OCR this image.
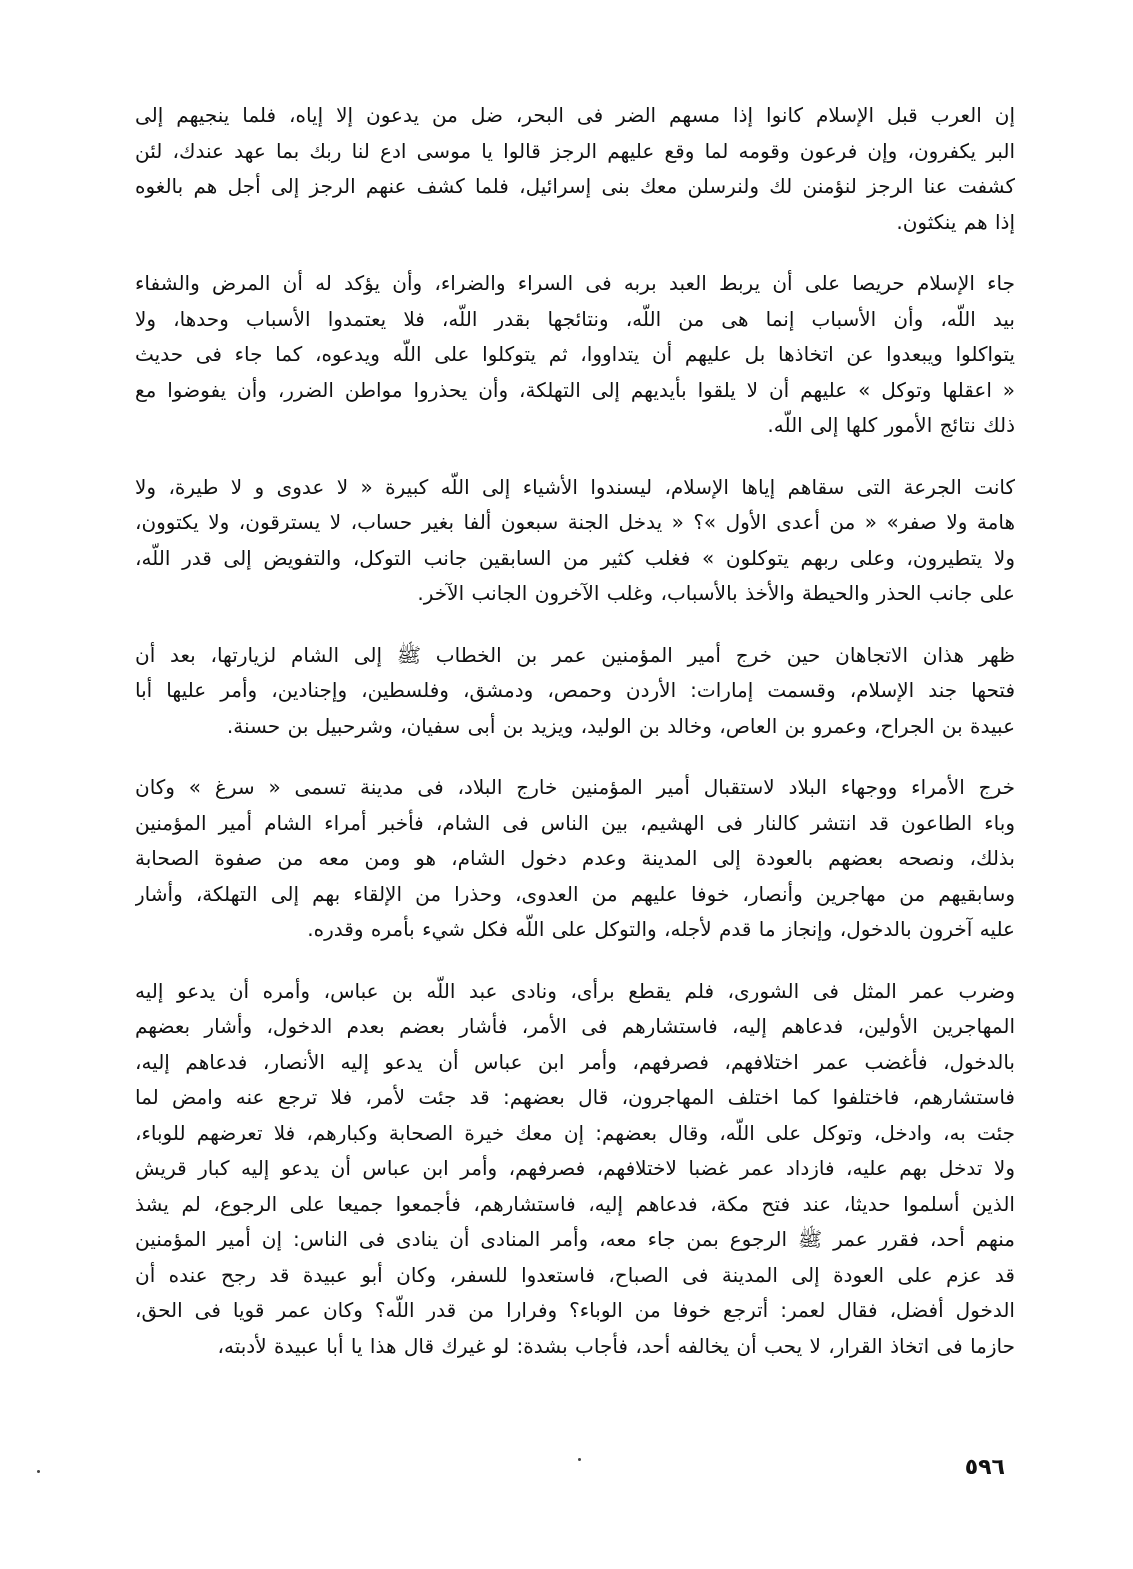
إن العرب قبل الإسلام كانوا إذا مسهم الضر فى البحر، ضل من يدعون إلا إياه، فلما ينجيهم إلى
البر يكفرون، وإن فرعون وقومه لما وقع عليهم الرجز قالوا يا موسى ادع لنا ربك بما عهد عندك، لئن
كشفت عنا الرجز لنؤمنن لك ولنرسلن معك بنى إسرائيل، فلما كشف عنهم الرجز إلى أجل هم بالغوه
إذا هم ينكثون.

جاء الإسلام حريصا على أن يربط العبد بربه فى السراء والضراء، وأن يؤكد له أن المرض والشفاء
بيد اللّه، وأن الأسباب إنما هى من اللّه، ونتائجها بقدر اللّه، فلا يعتمدوا الأسباب وحدها، ولا
يتواكلوا ويبعدوا عن اتخاذها بل عليهم أن يتداووا، ثم يتوكلوا على اللّه ويدعوه، كما جاء فى حديث
« اعقلها وتوكل » عليهم أن لا يلقوا بأيديهم إلى التهلكة، وأن يحذروا مواطن الضرر، وأن يفوضوا مع
ذلك نتائج الأمور كلها إلى اللّه.

كانت الجرعة التى سقاهم إياها الإسلام، ليسندوا الأشياء إلى اللّه كبيرة « لا عدوى و لا طيرة، ولا
هامة ولا صفر» « من أعدى الأول »؟ « يدخل الجنة سبعون ألفا بغير حساب، لا يسترقون، ولا يكتوون،
ولا يتطيرون، وعلى ربهم يتوكلون » فغلب كثير من السابقين جانب التوكل، والتفويض إلى قدر اللّه،
على جانب الحذر والحيطة والأخذ بالأسباب، وغلب الآخرون الجانب الآخر.

ظهر هذان الاتجاهان حين خرج أمير المؤمنين عمر بن الخطاب ﷺ إلى الشام لزيارتها، بعد أن
فتحها جند الإسلام، وقسمت إمارات: الأردن وحمص، ودمشق، وفلسطين، وإجنادين، وأمر عليها أبا
عبيدة بن الجراح، وعمرو بن العاص، وخالد بن الوليد، ويزيد بن أبى سفيان، وشرحبيل بن حسنة.

خرج الأمراء ووجهاء البلاد لاستقبال أمير المؤمنين خارج البلاد، فى مدينة تسمى « سرغ » وكان
وباء الطاعون قد انتشر كالنار فى الهشيم، بين الناس فى الشام، فأخبر أمراء الشام أمير المؤمنين
بذلك، ونصحه بعضهم بالعودة إلى المدينة وعدم دخول الشام، هو ومن معه من صفوة الصحابة
وسابقيهم من مهاجرين وأنصار، خوفا عليهم من العدوى، وحذرا من الإلقاء بهم إلى التهلكة، وأشار
عليه آخرون بالدخول، وإنجاز ما قدم لأجله، والتوكل على اللّه فكل شيء بأمره وقدره.

وضرب عمر المثل فى الشورى، فلم يقطع برأى، ونادى عبد اللّه بن عباس، وأمره أن يدعو إليه
المهاجرين الأولين، فدعاهم إليه، فاستشارهم فى الأمر، فأشار بعضم بعدم الدخول، وأشار بعضهم
بالدخول، فأغضب عمر اختلافهم، فصرفهم، وأمر ابن عباس أن يدعو إليه الأنصار، فدعاهم إليه،
فاستشارهم، فاختلفوا كما اختلف المهاجرون، قال بعضهم: قد جئت لأمر، فلا ترجع عنه وامض لما
جئت به، وادخل، وتوكل على اللّه، وقال بعضهم: إن معك خيرة الصحابة وكبارهم، فلا تعرضهم للوباء،
ولا تدخل بهم عليه، فازداد عمر غضبا لاختلافهم، فصرفهم، وأمر ابن عباس أن يدعو إليه كبار قريش
الذين أسلموا حديثا، عند فتح مكة، فدعاهم إليه، فاستشارهم، فأجمعوا جميعا على الرجوع، لم يشذ
منهم أحد، فقرر عمر ﷺ الرجوع بمن جاء معه، وأمر المنادى أن ينادى فى الناس: إن أمير المؤمنين
قد عزم على العودة إلى المدينة فى الصباح، فاستعدوا للسفر، وكان أبو عبيدة قد رجح عنده أن
الدخول أفضل، فقال لعمر: أترجع خوفا من الوباء؟ وفرارا من قدر اللّه؟ وكان عمر قويا فى الحق،
حازما فى اتخاذ القرار، لا يحب أن يخالفه أحد، فأجاب بشدة: لو غيرك قال هذا يا أبا عبيدة لأدبته،

٥٩٦
